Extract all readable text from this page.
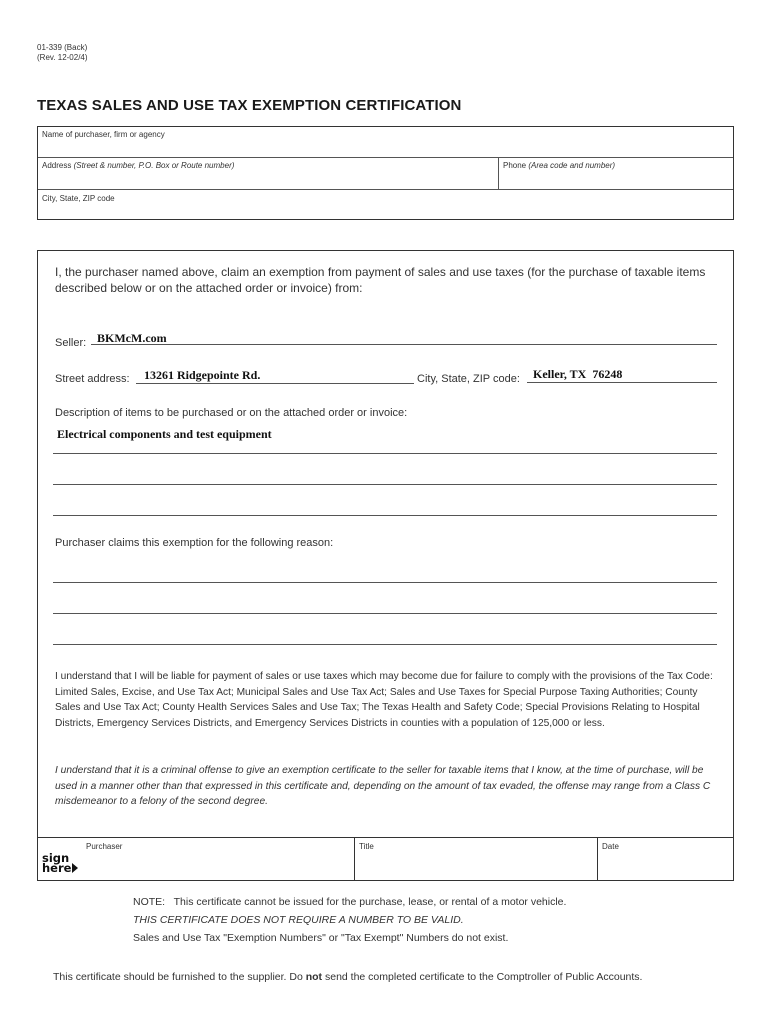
01-339 (Back)
(Rev. 12-02/4)
TEXAS SALES AND USE TAX EXEMPTION CERTIFICATION
Name of purchaser, firm or agency
Address (Street & number, P.O. Box or Route number)	Phone (Area code and number)
City, State, ZIP code
I, the purchaser named above, claim an exemption from payment of sales and use taxes (for the purchase of taxable items described below or on the attached order or invoice) from:
Seller: BKMcM.com
Street address: 13261 Ridgepointe Rd.	City, State, ZIP code: Keller, TX  76248
Description of items to be purchased or on the attached order or invoice:
Electrical components and test equipment
Purchaser claims this exemption for the following reason:
I understand that I will be liable for payment of sales or use taxes which may become due for failure to comply with the provisions of the Tax Code: Limited Sales, Excise, and Use Tax Act; Municipal Sales and Use Tax Act; Sales and Use Taxes for Special Purpose Taxing Authorities; County Sales and Use Tax Act; County Health Services Sales and Use Tax; The Texas Health and Safety Code; Special Provisions Relating to Hospital Districts, Emergency Services Districts, and Emergency Services Districts in counties with a population of 125,000 or less.
I understand that it is a criminal offense to give an exemption certificate to the seller for taxable items that I know, at the time of purchase, will be used in a manner other than that expressed in this certificate and, depending on the amount of tax evaded, the offense may range from a Class C misdemeanor to a felony of the second degree.
Purchaser
sign
here
Title	Date
NOTE:   This certificate cannot be issued for the purchase, lease, or rental of a motor vehicle.
THIS CERTIFICATE DOES NOT REQUIRE A NUMBER TO BE VALID.
Sales and Use Tax "Exemption Numbers" or "Tax Exempt" Numbers do not exist.
This certificate should be furnished to the supplier. Do not send the completed certificate to the Comptroller of Public Accounts.
